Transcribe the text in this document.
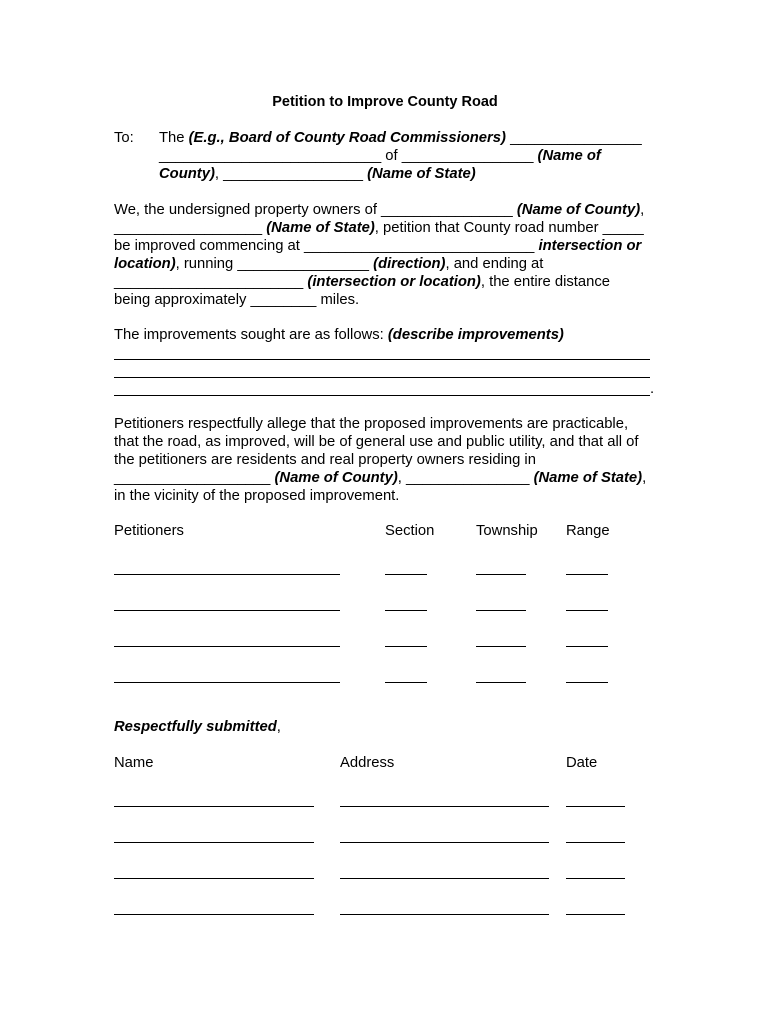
Petition to Improve County Road
To: The (E.g., Board of County Road Commissioners) ________________
___________________________ of ________________ (Name of
County), _________________ (Name of State)
We, the undersigned property owners of ________________ (Name of County),
__________________ (Name of State), petition that County road number _____
be improved commencing at ____________________________ intersection or
location), running ________________ (direction), and ending at
_______________________ (intersection or location), the entire distance
being approximately ________ miles.
The improvements sought are as follows: (describe improvements)
.
Petitioners respectfully allege that the proposed improvements are practicable,
that the road, as improved, will be of general use and public utility, and that all of
the petitioners are residents and real property owners residing in
___________________ (Name of County), _______________ (Name of State),
in the vicinity of the proposed improvement.
Petitioners	Section	Township Range
Respectfully submitted,
Name	Address	Date
